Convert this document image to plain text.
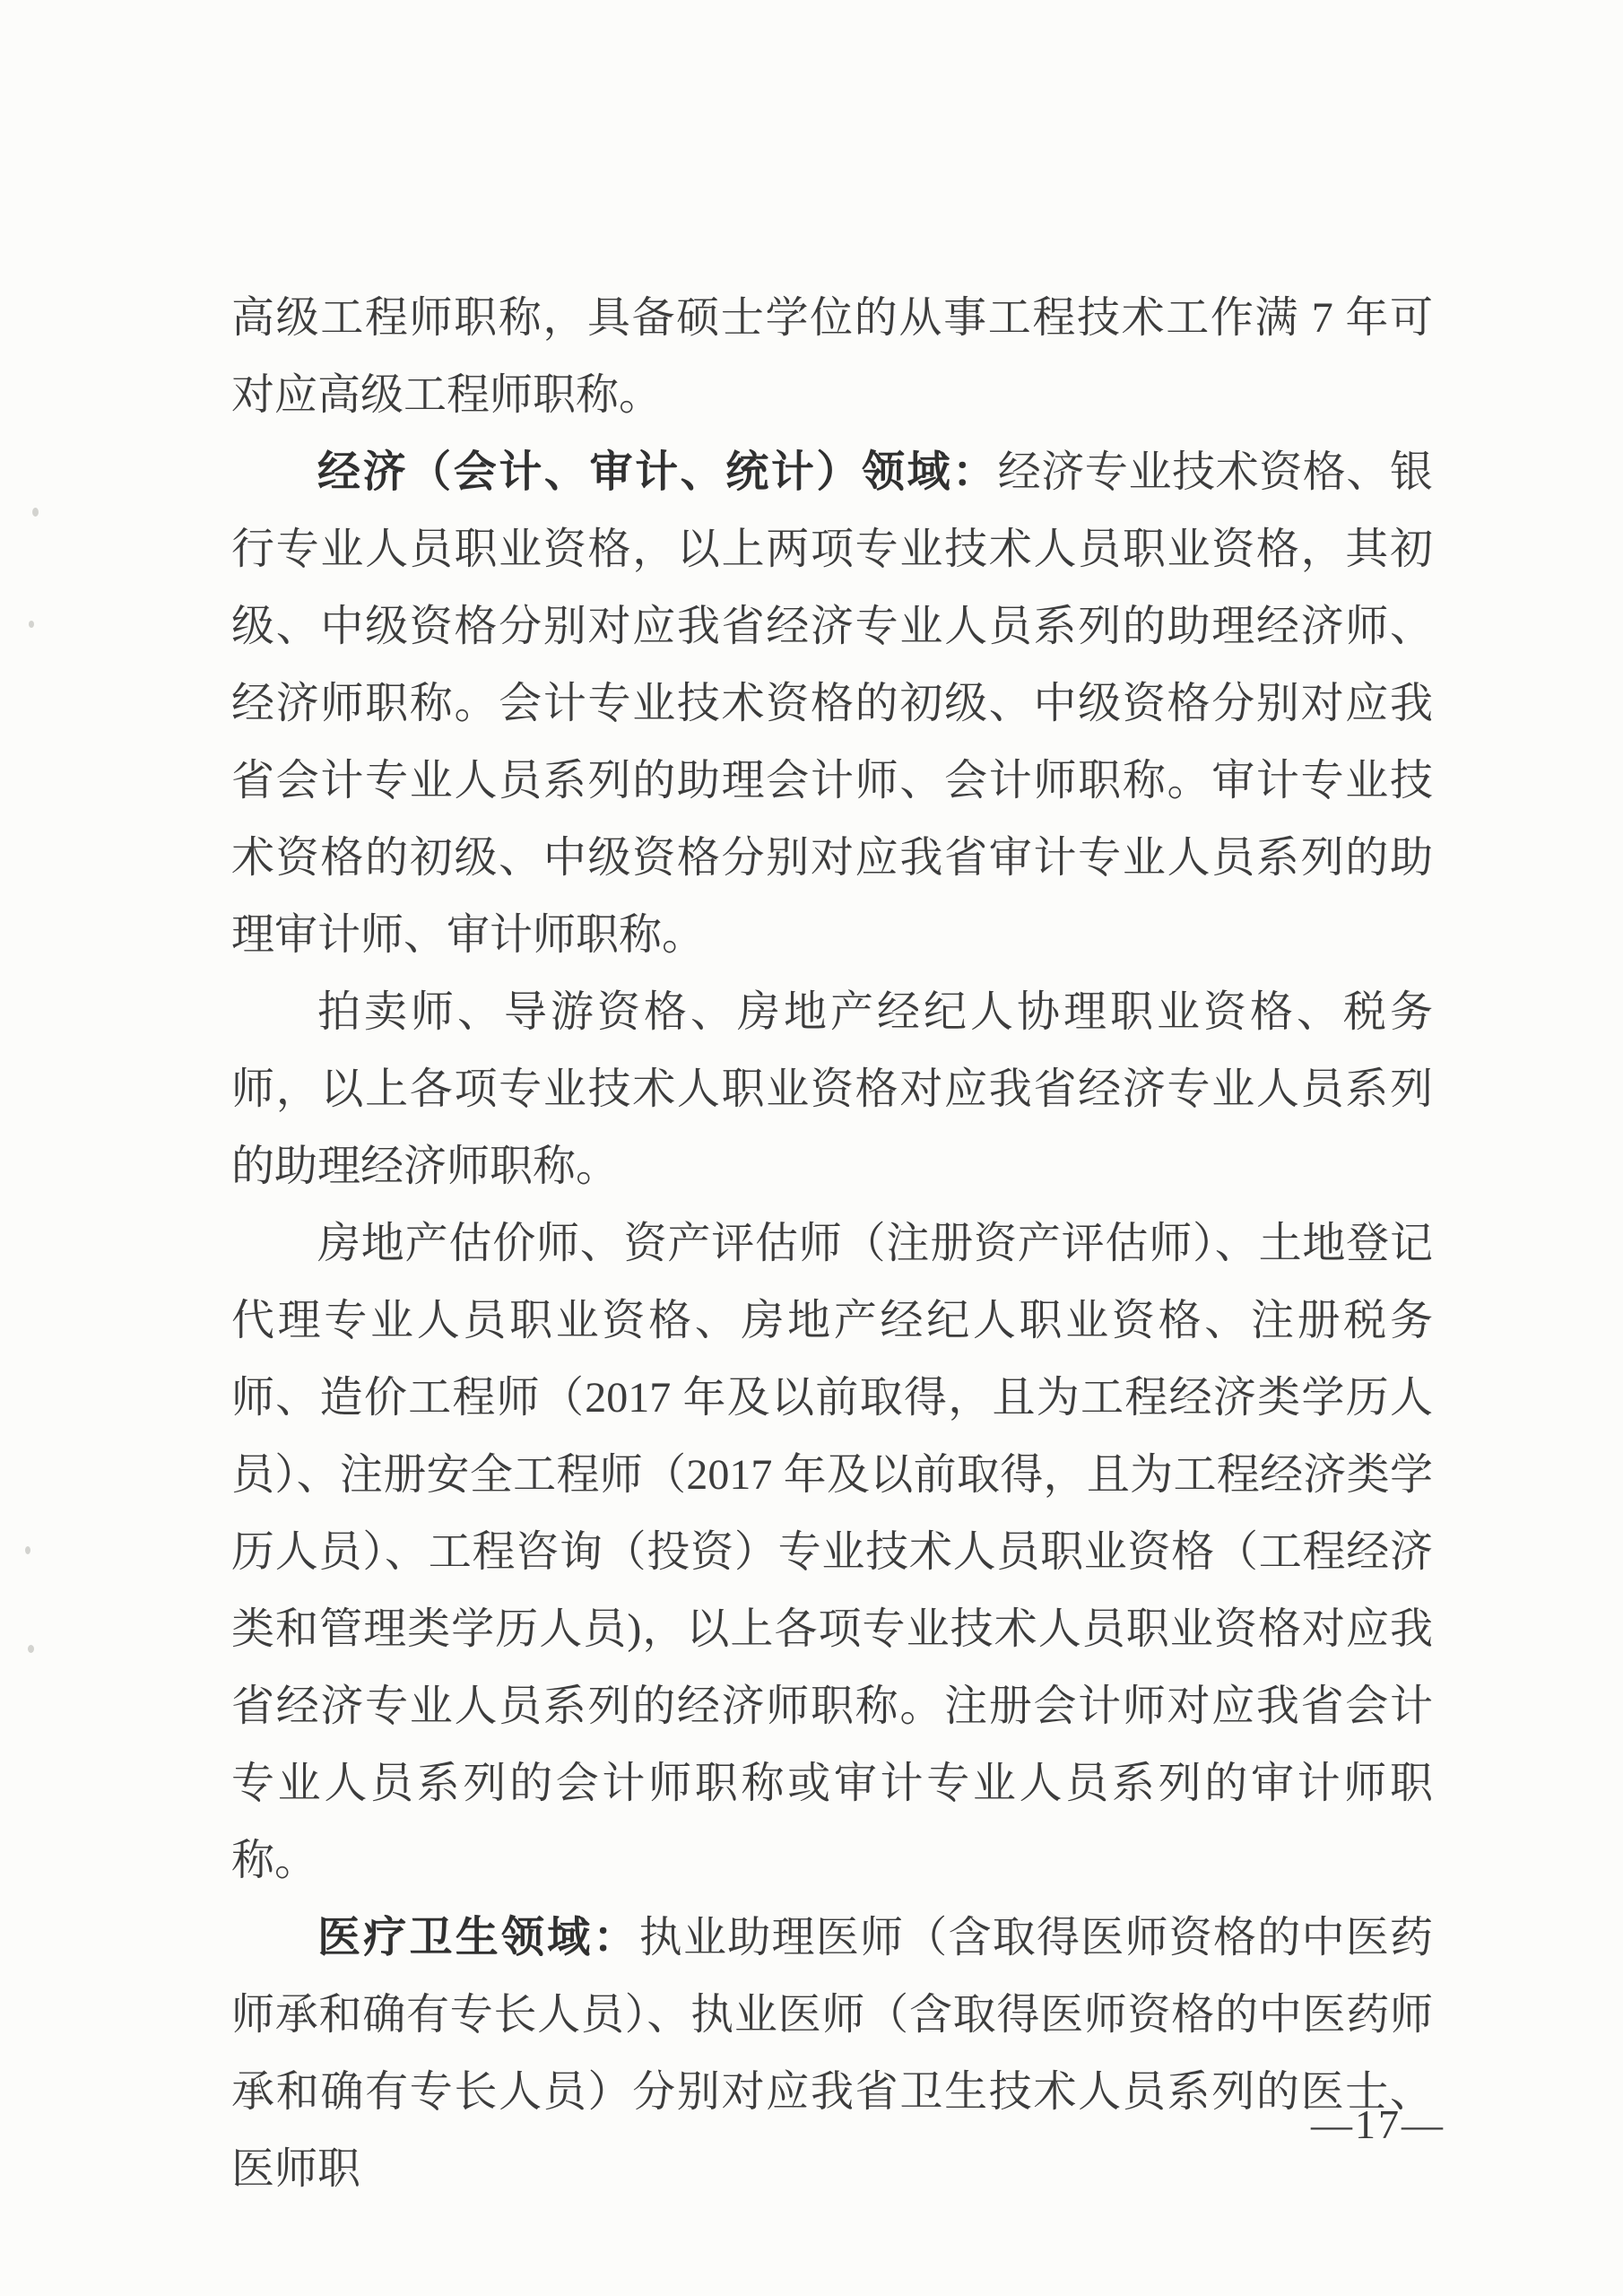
高级工程师职称，具备硕士学位的从事工程技术工作满 7 年可对应高级工程师职称。

经济（会计、审计、统计）领域：经济专业技术资格、银行专业人员职业资格，以上两项专业技术人员职业资格，其初级、中级资格分别对应我省经济专业人员系列的助理经济师、经济师职称。会计专业技术资格的初级、中级资格分别对应我省会计专业人员系列的助理会计师、会计师职称。审计专业技术资格的初级、中级资格分别对应我省审计专业人员系列的助理审计师、审计师职称。

拍卖师、导游资格、房地产经纪人协理职业资格、税务师，以上各项专业技术人职业资格对应我省经济专业人员系列的助理经济师职称。

房地产估价师、资产评估师（注册资产评估师）、土地登记代理专业人员职业资格、房地产经纪人职业资格、注册税务师、造价工程师（2017 年及以前取得，且为工程经济类学历人员）、注册安全工程师（2017 年及以前取得，且为工程经济类学历人员）、工程咨询（投资）专业技术人员职业资格（工程经济类和管理类学历人员)，以上各项专业技术人员职业资格对应我省经济专业人员系列的经济师职称。注册会计师对应我省会计专业人员系列的会计师职称或审计专业人员系列的审计师职称。

医疗卫生领域：执业助理医师（含取得医师资格的中医药师承和确有专长人员）、执业医师（含取得医师资格的中医药师承和确有专长人员）分别对应我省卫生技术人员系列的医士、医师职

—17—
